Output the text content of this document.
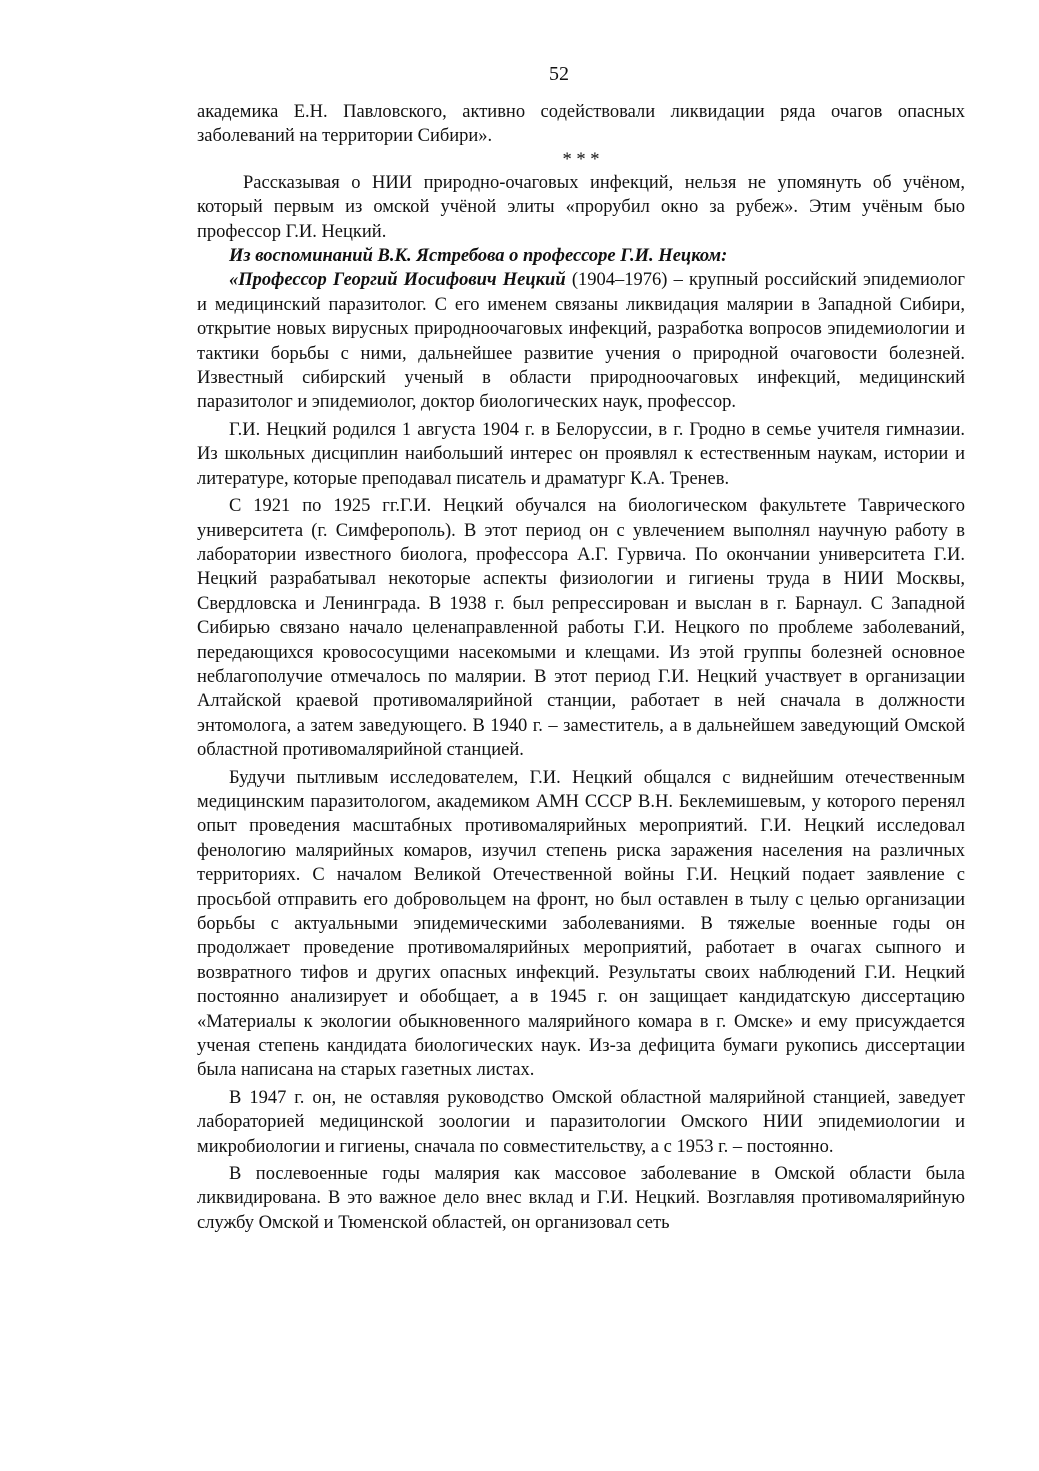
52

академика Е.Н. Павловского, активно содействовали ликвидации ряда очагов опасных заболеваний на территории Сибири».

* * *

Рассказывая о НИИ природно-очаговых инфекций, нельзя не упомянуть об учёном, который первым из омской учёной элиты «прорубил окно за рубеж». Этим учёным быо профессор Г.И. Нецкий.

Из воспоминаний В.К. Ястребова о профессоре Г.И. Нецком:

«Профессор Георгий Иосифович Нецкий (1904–1976) – крупный российский эпидемиолог и медицинский паразитолог. С его именем связаны ликвидация малярии в Западной Сибири, открытие новых вирусных природноочаговых инфекций, разработка вопросов эпидемиологии и тактики борьбы с ними, дальнейшее развитие учения о природной очаговости болезней. Известный сибирский ученый в области природноочаговых инфекций, медицинский паразитолог и эпидемиолог, доктор биологических наук, профессор.

Г.И. Нецкий родился 1 августа 1904 г. в Белоруссии, в г. Гродно в семье учителя гимназии. Из школьных дисциплин наибольший интерес он проявлял к естественным наукам, истории и литературе, которые преподавал писатель и драматург К.А. Тренев.

С 1921 по 1925 гг.Г.И. Нецкий обучался на биологическом факультете Таврического университета (г. Симферополь). В этот период он с увлечением выполнял научную работу в лаборатории известного биолога, профессора А.Г. Гурвича. По окончании университета Г.И. Нецкий разрабатывал некоторые аспекты физиологии и гигиены труда в НИИ Москвы, Свердловска и Ленинграда. В 1938 г. был репрессирован и выслан в г. Барнаул. С Западной Сибирью связано начало целенаправленной работы Г.И. Нецкого по проблеме заболеваний, передающихся кровососущими насекомыми и клещами. Из этой группы болезней основное неблагополучие отмечалось по малярии. В этот период Г.И. Нецкий участвует в организации Алтайской краевой противомалярийной станции, работает в ней сначала в должности энтомолога, а затем заведующего. В 1940 г. – заместитель, а в дальнейшем заведующий Омской областной противомалярийной станцией.

Будучи пытливым исследователем, Г.И. Нецкий общался с виднейшим отечественным медицинским паразитологом, академиком АМН СССР В.Н. Беклемишевым, у которого перенял опыт проведения масштабных противомалярийных мероприятий. Г.И. Нецкий исследовал фенологию малярийных комаров, изучил степень риска заражения населения на различных территориях. С началом Великой Отечественной войны Г.И. Нецкий подает заявление с просьбой отправить его добровольцем на фронт, но был оставлен в тылу с целью организации борьбы с актуальными эпидемическими заболеваниями. В тяжелые военные годы он продолжает проведение противомалярийных мероприятий, работает в очагах сыпного и возвратного тифов и других опасных инфекций. Результаты своих наблюдений Г.И. Нецкий постоянно анализирует и обобщает, а в 1945 г. он защищает кандидатскую диссертацию «Материалы к экологии обыкновенного малярийного комара в г. Омске» и ему присуждается ученая степень кандидата биологических наук. Из-за дефицита бумаги рукопись диссертации была написана на старых газетных листах.

В 1947 г. он, не оставляя руководство Омской областной малярийной станцией, заведует лабораторией медицинской зоологии и паразитологии Омского НИИ эпидемиологии и микробиологии и гигиены, сначала по совместительству, а с 1953 г. – постоянно.

В послевоенные годы малярия как массовое заболевание в Омской области была ликвидирована. В это важное дело внес вклад и Г.И. Нецкий. Возглавляя противомалярийную службу Омской и Тюменской областей, он организовал сеть
